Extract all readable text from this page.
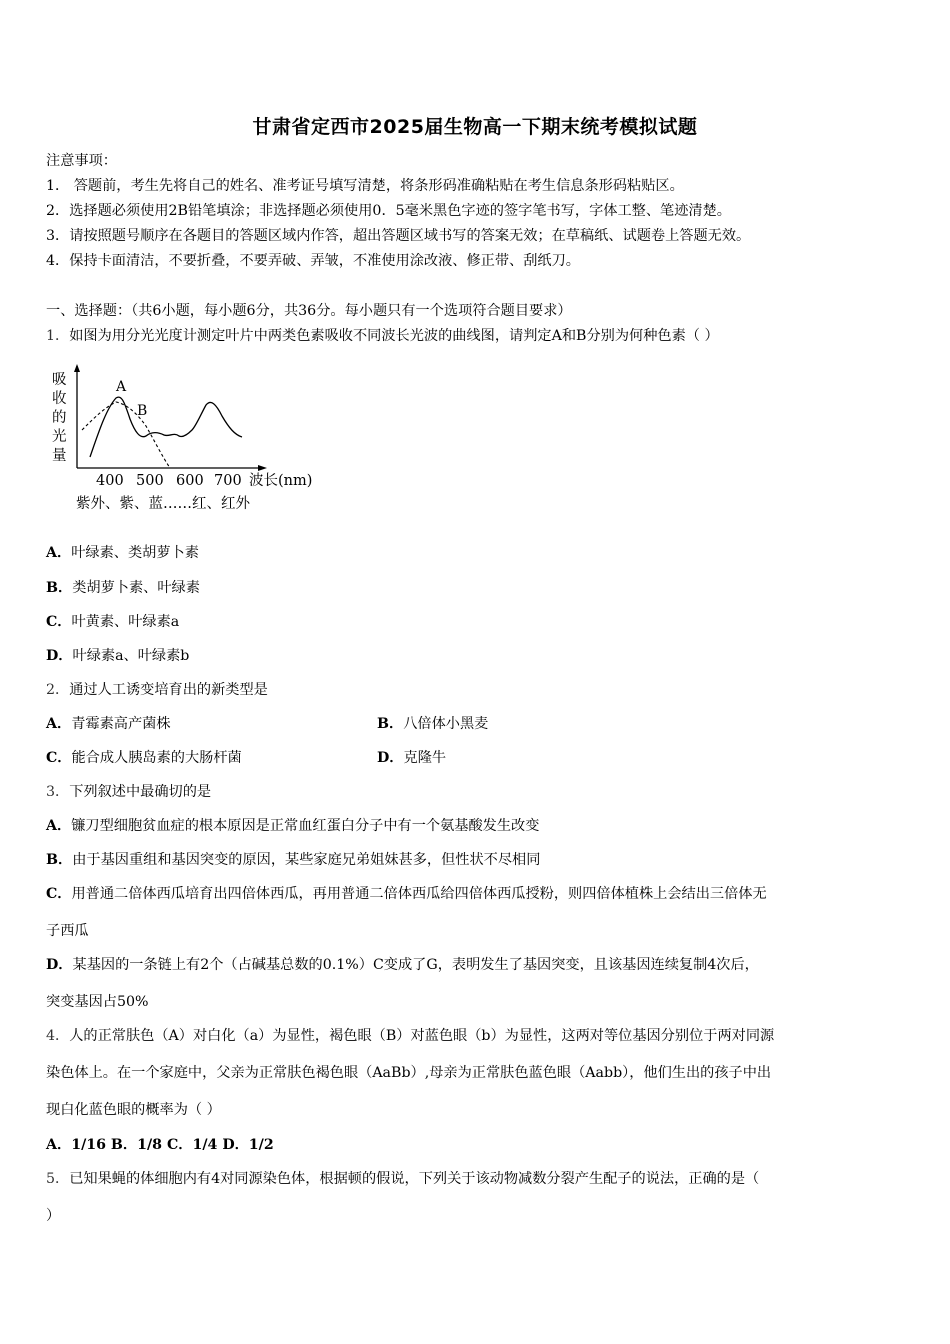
甘肃省定西市2025届生物高一下期末统考模拟试题
注意事项：
1． 答题前，考生先将自己的姓名、准考证号填写清楚，将条形码准确粘贴在考生信息条形码粘贴区。
2．选择题必须使用2B铅笔填涂；非选择题必须使用0．5毫米黑色字迹的签字笔书写，字体工整、笔迹清楚。
3．请按照题号顺序在各题目的答题区域内作答，超出答题区域书写的答案无效；在草稿纸、试题卷上答题无效。
4．保持卡面清洁，不要折叠，不要弄破、弄皱，不准使用涂改液、修正带、刮纸刀。
一、选择题：（共6小题，每小题6分，共36分。每小题只有一个选项符合题目要求）
1．如图为用分光光度计测定叶片中两类色素吸收不同波长光波的曲线图，请判定A和B分别为何种色素（ ）
吸
收
的
光
量
A
B
400 500 600 700 波长(nm)
紫外、紫、蓝……红、红外
A．叶绿素、类胡萝卜素
B．类胡萝卜素、叶绿素
C．叶黄素、叶绿素a
D．叶绿素a、叶绿素b
2．通过人工诱变培育出的新类型是
A．青霉素高产菌株	B．八倍体小黑麦
C．能合成人胰岛素的大肠杆菌	D．克隆牛
3．下列叙述中最确切的是
A．镰刀型细胞贫血症的根本原因是正常血红蛋白分子中有一个氨基酸发生改变
B．由于基因重组和基因突变的原因，某些家庭兄弟姐妹甚多，但性状不尽相同
C．用普通二倍体西瓜培育出四倍体西瓜，再用普通二倍体西瓜给四倍体西瓜授粉，则四倍体植株上会结出三倍体无
子西瓜
D．某基因的一条链上有2个（占碱基总数的0.1%）C变成了G，表明发生了基因突变，且该基因连续复制4次后，
突变基因占50%
4．人的正常肤色（A）对白化（a）为显性，褐色眼（B）对蓝色眼（b）为显性，这两对等位基因分别位于两对同源
染色体上。在一个家庭中，父亲为正常肤色褐色眼（AaBb）,母亲为正常肤色蓝色眼（Aabb），他们生出的孩子中出
现白化蓝色眼的概率为（ ）
A．1/16 B．1/8 C．1/4 D．1/2
5．已知果蝇的体细胞内有4对同源染色体，根据顿的假说，下列关于该动物减数分裂产生配子的说法，正确的是（
）
